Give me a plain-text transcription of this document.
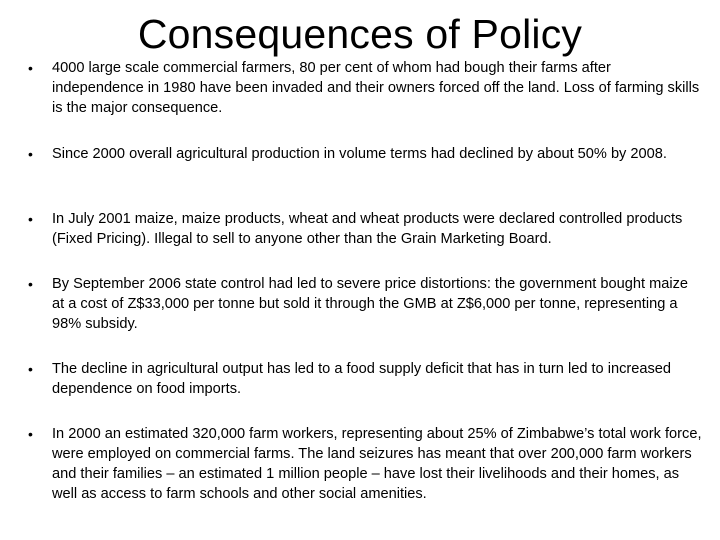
Consequences of Policy
• 4000 large scale commercial farmers, 80 per cent of whom had bough their farms after independence in 1980 have been invaded and their owners forced off the land. Loss of farming skills is the major consequence.

• Since 2000 overall agricultural production in volume terms had declined by about 50% by 2008.

• In July 2001 maize, maize products, wheat and wheat products were declared controlled products (Fixed Pricing). Illegal to sell to anyone other than the Grain Marketing Board.

• By September 2006 state control had led to severe price distortions: the government bought maize at a cost of Z$33,000 per tonne but sold it through the GMB at Z$6,000 per tonne, representing a 98% subsidy.

• The decline in agricultural output has led to a food supply deficit that has in turn led to increased dependence on food imports.

• In 2000 an estimated 320,000 farm workers, representing about 25% of Zimbabwe’s total work force, were employed on commercial farms. The land seizures has meant that over 200,000 farm workers and their families – an estimated 1 million people – have lost their livelihoods and their homes, as well as access to farm schools and other social amenities.
